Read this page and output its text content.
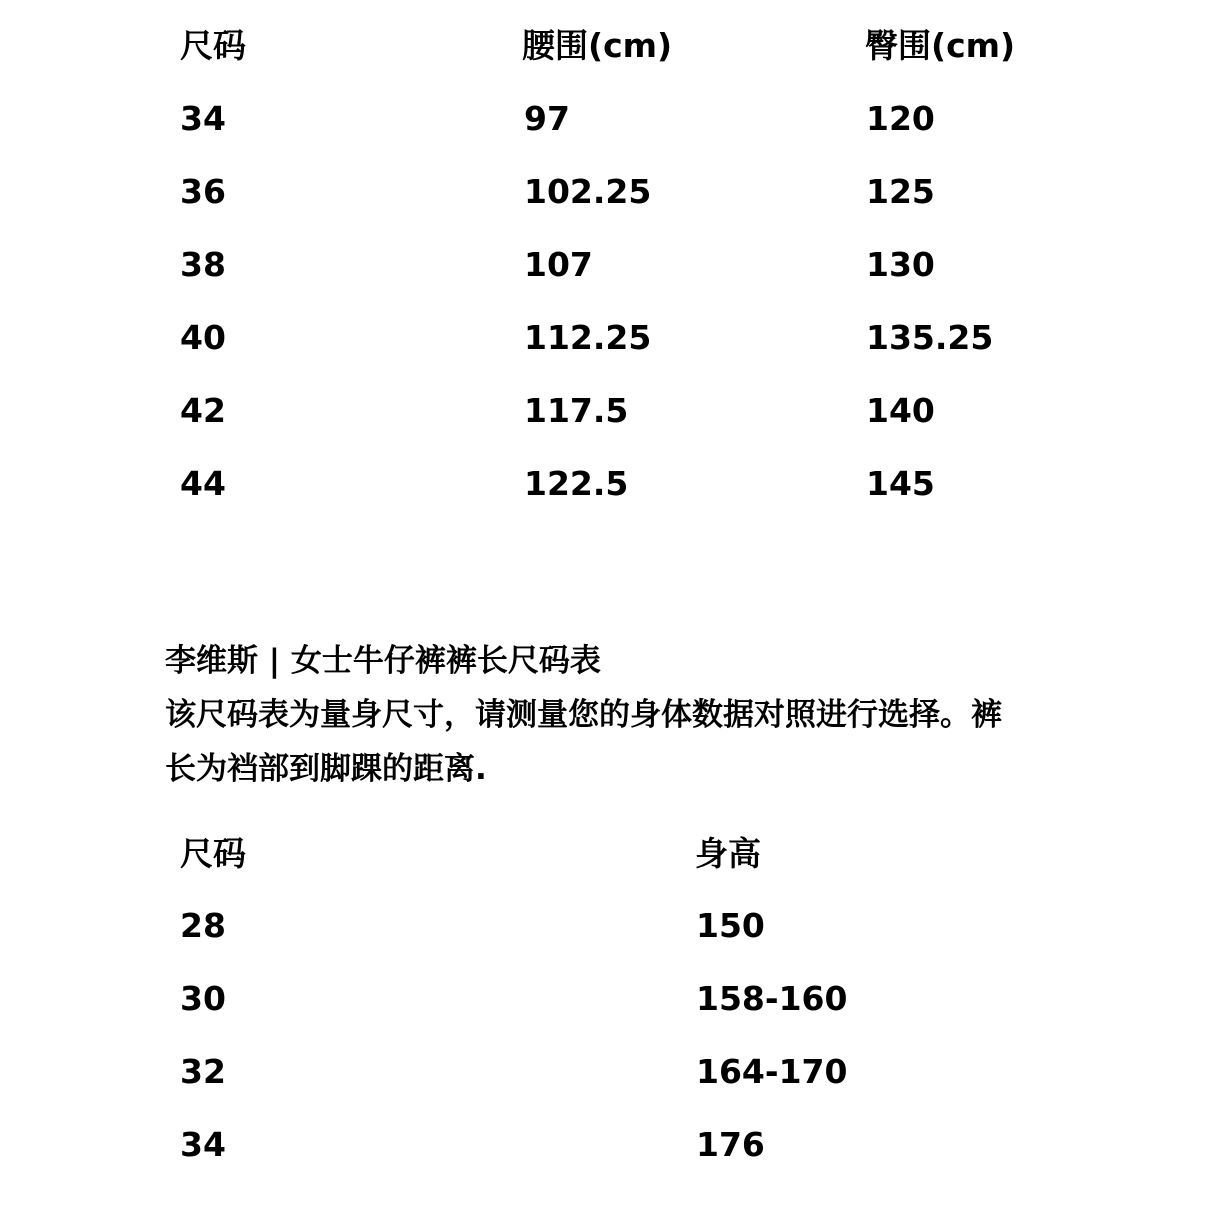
尺码	腰围(cm)	臀围(cm)
34	97	120
36	102.25	125
38	107	130
40	112.25	135.25
42	117.5	140
44	122.5	145

李维斯 | 女士牛仔裤裤长尺码表

该尺码表为量身尺寸，请测量您的身体数据对照进行选择。裤

长为裆部到脚踝的距离.

尺码	身高
28	150
30	158-160
32	164-170
34	176
